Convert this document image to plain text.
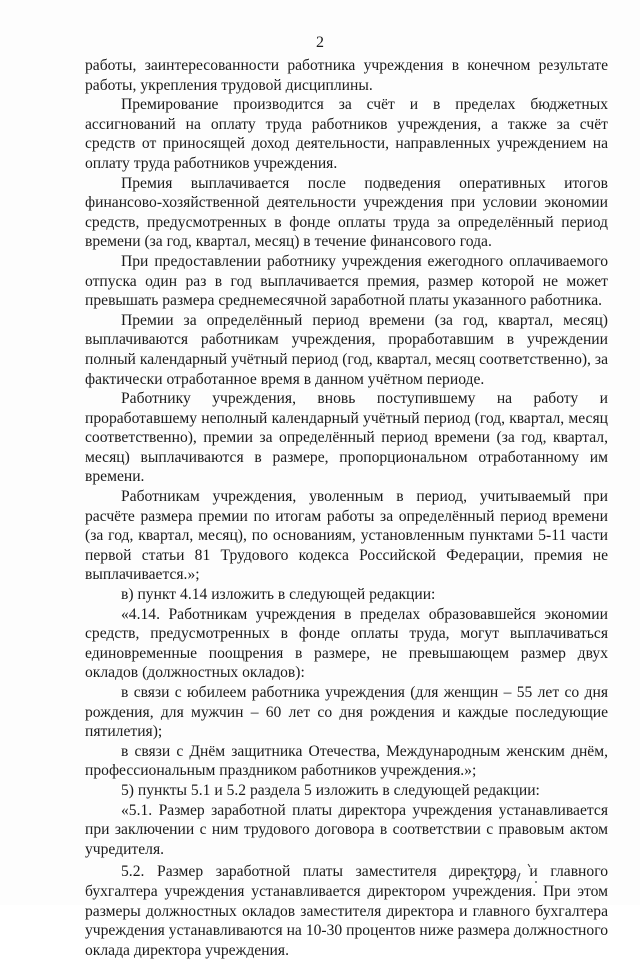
2

работы, заинтересованности работника учреждения в конечном результате работы, укрепления трудовой дисциплины.

Премирование производится за счёт и в пределах бюджетных ассигнований на оплату труда работников учреждения, а также за счёт средств от приносящей доход деятельности, направленных учреждением на оплату труда работников учреждения.

Премия выплачивается после подведения оперативных итогов финансово-хозяйственной деятельности учреждения при условии экономии средств, предусмотренных в фонде оплаты труда за определённый период времени (за год, квартал, месяц) в течение финансового года.

При предоставлении работнику учреждения ежегодного оплачиваемого отпуска один раз в год выплачивается премия, размер которой не может превышать размера среднемесячной заработной платы указанного работника.

Премии за определённый период времени (за год, квартал, месяц) выплачиваются работникам учреждения, проработавшим в учреждении полный календарный учётный период (год, квартал, месяц соответственно), за фактически отработанное время в данном учётном периоде.

Работнику учреждения, вновь поступившему на работу и проработавшему неполный календарный учётный период (год, квартал, месяц соответственно), премии за определённый период времени (за год, квартал, месяц) выплачиваются в размере, пропорциональном отработанному им времени.

Работникам учреждения, уволенным в период, учитываемый при расчёте размера премии по итогам работы за определённый период времени (за год, квартал, месяц), по основаниям, установленным пунктами 5-11 части первой статьи 81 Трудового кодекса Российской Федерации, премия не выплачивается.»;

в) пункт 4.14 изложить в следующей редакции:

«4.14. Работникам учреждения в пределах образовавшейся экономии средств, предусмотренных в фонде оплаты труда, могут выплачиваться единовременные поощрения в размере, не превышающем размер двух окладов (должностных окладов):

в связи с юбилеем работника учреждения (для женщин – 55 лет со дня рождения, для мужчин – 60 лет со дня рождения и каждые последующие пятилетия);

в связи с Днём защитника Отечества, Международным женским днём, профессиональным праздником работников учреждения.»;

5) пункты 5.1 и 5.2 раздела 5 изложить в следующей редакции:

«5.1. Размер заработной платы директора учреждения устанавливается при заключении с ним трудового договора в соответствии с правовым актом учредителя.

5.2. Размер заработной платы заместителя директора и главного бухгалтера учреждения устанавливается директором учреждения. При этом размеры должностных окладов заместителя директора и главного бухгалтера учреждения устанавливаются на 10-30 процентов ниже размера должностного оклада директора учреждения.
